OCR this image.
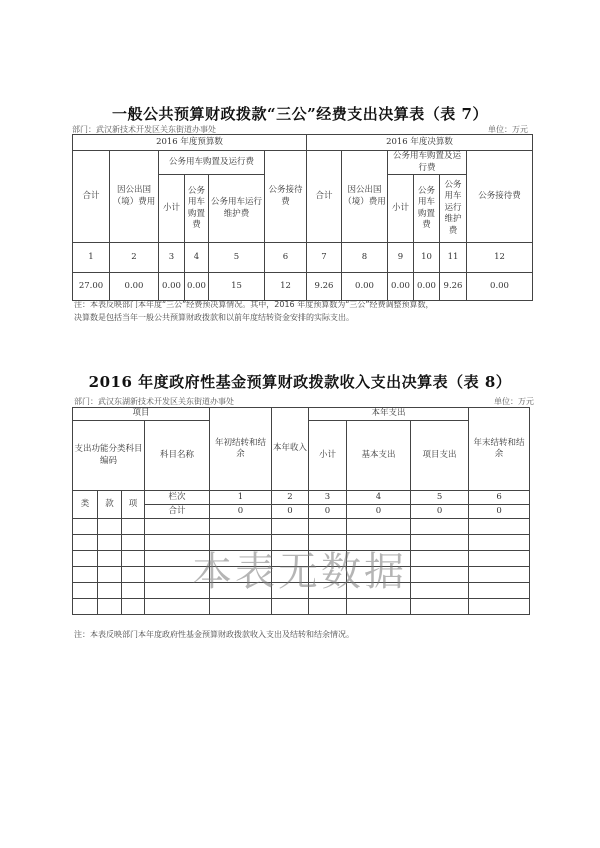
一般公共预算财政拨款“三公”经费支出决算表（表 7）
部门：武汉新技术开发区关东街道办事处	单位：万元
2016 年度预算数						2016 年度决算数					
合计	因公出国（境）费用	公务用车购置及运行费			公务接待费	合计	因公出国（境）费用	公务用车购置及运行费			公务接待费
		小计	公务用车购置费	公务用车运行维护费				小计	公务用车购置费	公务用车运行维护费	
1	2	3	4	5	6	7	8	9	10	11	12
27.00	0.00	0.00	0.00	15	12	9.26	0.00	0.00	0.00	9.26	0.00
注：本表反映部门本年度“三公”经费预决算情况。其中，2016 年度预算数为“三公”经费调整预算数，
决算数是包括当年一般公共预算财政拨款和以前年度结转资金安排的实际支出。
2016 年度政府性基金预算财政拨款收入支出决算表（表 8）
部门：武汉东湖新技术开发区关东街道办事处	单位：万元
项目				年初结转和结余	本年收入	本年支出			年末结转和结余
支出功能分类科目编码			科目名称			小计	基本支出	项目支出	
类	款	项	栏次	1	2	3	4	5	6
			合计	0	0	0	0	0	0

本表无数据
注：本表反映部门本年度政府性基金预算财政拨款收入支出及结转和结余情况。
